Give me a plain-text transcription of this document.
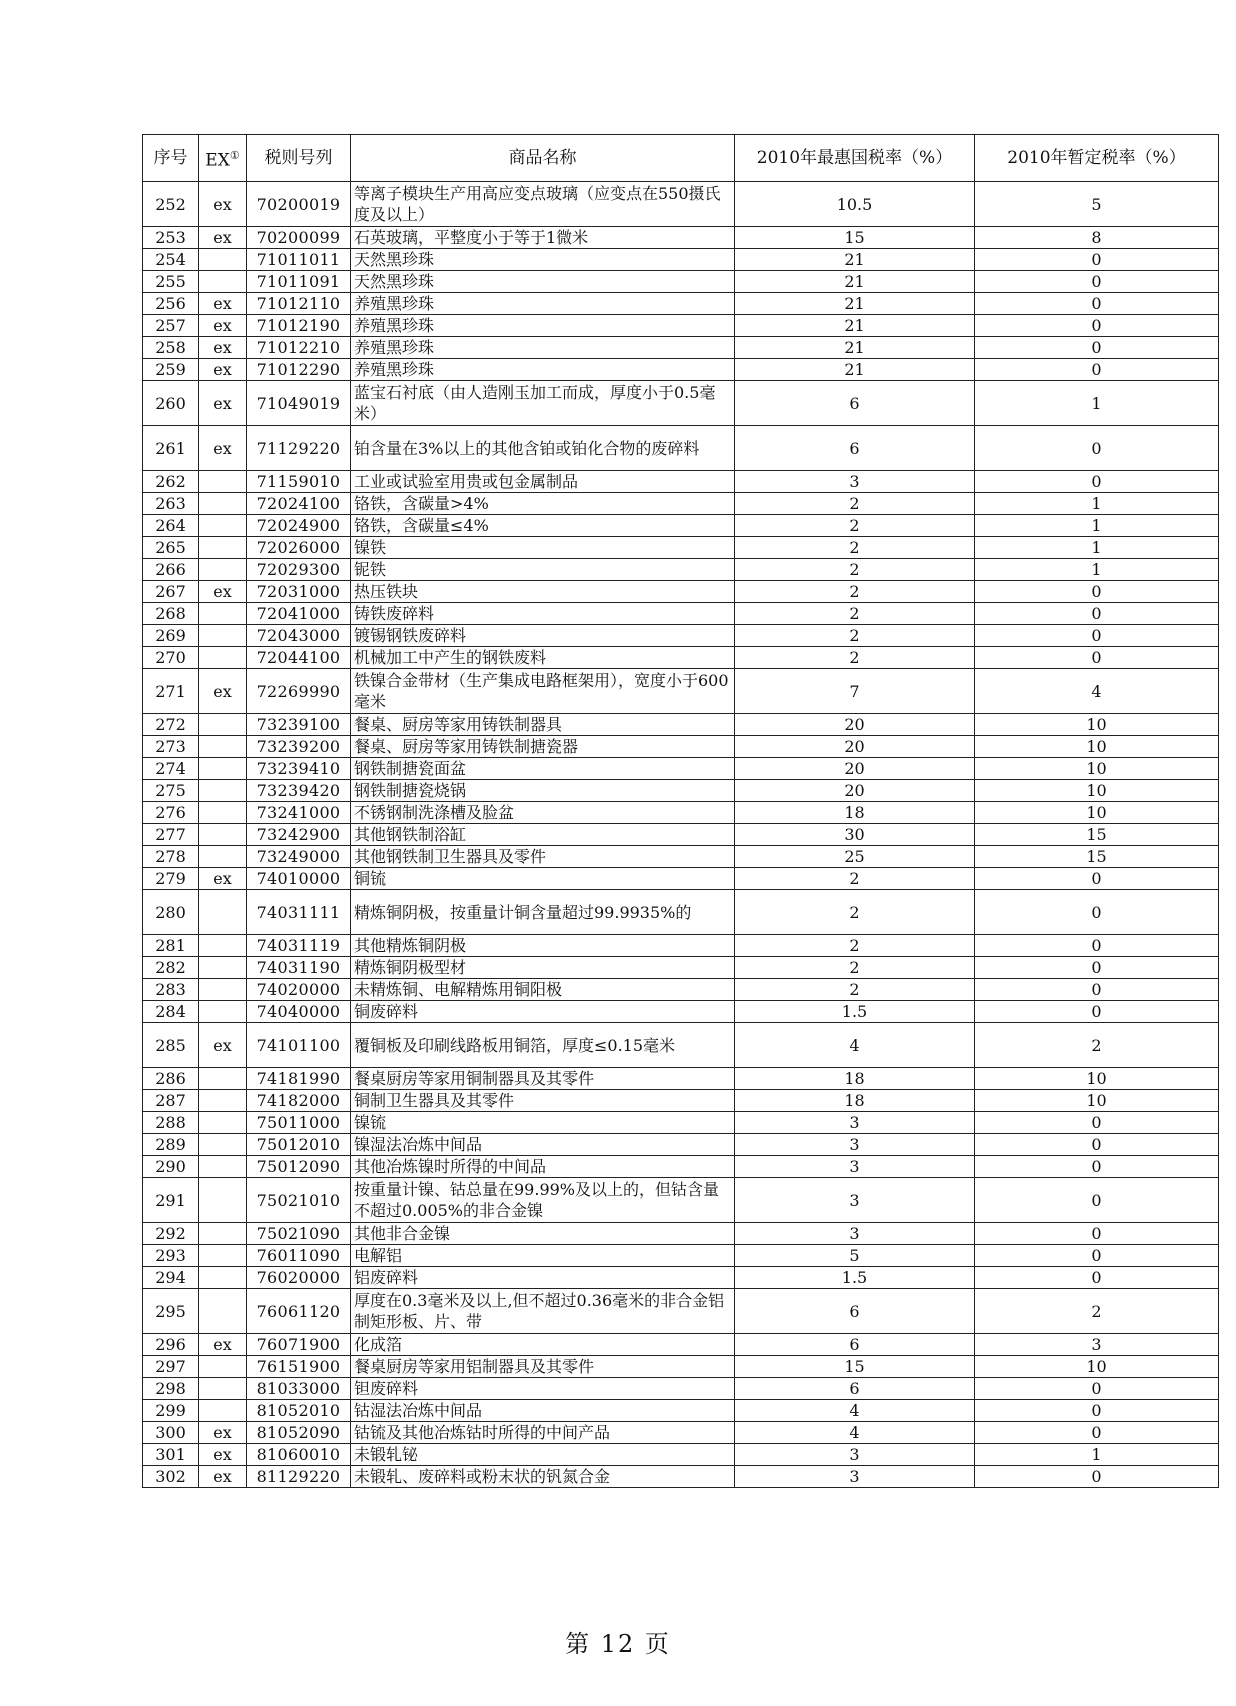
序号	EX①	税则号列	商品名称	2010年最惠国税率（%）	2010年暂定税率（%）
252	ex	70200019	等离子模块生产用高应变点玻璃（应变点在550摄氏度及以上）	10.5	5
253	ex	70200099	石英玻璃，平整度小于等于1微米	15	8
254		71011011	天然黑珍珠	21	0
255		71011091	天然黑珍珠	21	0
256	ex	71012110	养殖黑珍珠	21	0
257	ex	71012190	养殖黑珍珠	21	0
258	ex	71012210	养殖黑珍珠	21	0
259	ex	71012290	养殖黑珍珠	21	0
260	ex	71049019	蓝宝石衬底（由人造刚玉加工而成，厚度小于0.5毫米）	6	1
261	ex	71129220	铂含量在3%以上的其他含铂或铂化合物的废碎料	6	0
262		71159010	工业或试验室用贵或包金属制品	3	0
263		72024100	铬铁，含碳量>4%	2	1
264		72024900	铬铁，含碳量≤4%	2	1
265		72026000	镍铁	2	1
266		72029300	铌铁	2	1
267	ex	72031000	热压铁块	2	0
268		72041000	铸铁废碎料	2	0
269		72043000	镀锡钢铁废碎料	2	0
270		72044100	机械加工中产生的钢铁废料	2	0
271	ex	72269990	铁镍合金带材（生产集成电路框架用），宽度小于600毫米	7	4
272		73239100	餐桌、厨房等家用铸铁制器具	20	10
273		73239200	餐桌、厨房等家用铸铁制搪瓷器	20	10
274		73239410	钢铁制搪瓷面盆	20	10
275		73239420	钢铁制搪瓷烧锅	20	10
276		73241000	不锈钢制洗涤槽及脸盆	18	10
277		73242900	其他钢铁制浴缸	30	15
278		73249000	其他钢铁制卫生器具及零件	25	15
279	ex	74010000	铜锍	2	0
280		74031111	精炼铜阴极，按重量计铜含量超过99.9935%的	2	0
281		74031119	其他精炼铜阴极	2	0
282		74031190	精炼铜阴极型材	2	0
283		74020000	未精炼铜、电解精炼用铜阳极	2	0
284		74040000	铜废碎料	1.5	0
285	ex	74101100	覆铜板及印刷线路板用铜箔，厚度≤0.15毫米	4	2
286		74181990	餐桌厨房等家用铜制器具及其零件	18	10
287		74182000	铜制卫生器具及其零件	18	10
288		75011000	镍锍	3	0
289		75012010	镍湿法冶炼中间品	3	0
290		75012090	其他冶炼镍时所得的中间品	3	0
291		75021010	按重量计镍、钴总量在99.99%及以上的，但钴含量不超过0.005%的非合金镍	3	0
292		75021090	其他非合金镍	3	0
293		76011090	电解铝	5	0
294		76020000	铝废碎料	1.5	0
295		76061120	厚度在0.3毫米及以上,但不超过0.36毫米的非合金铝制矩形板、片、带	6	2
296	ex	76071900	化成箔	6	3
297		76151900	餐桌厨房等家用铝制器具及其零件	15	10
298		81033000	钽废碎料	6	0
299		81052010	钴湿法冶炼中间品	4	0
300	ex	81052090	钴锍及其他冶炼钴时所得的中间产品	4	0
301	ex	81060010	未锻轧铋	3	1
302	ex	81129220	未锻轧、废碎料或粉末状的钒氮合金	3	0
第 12 页
